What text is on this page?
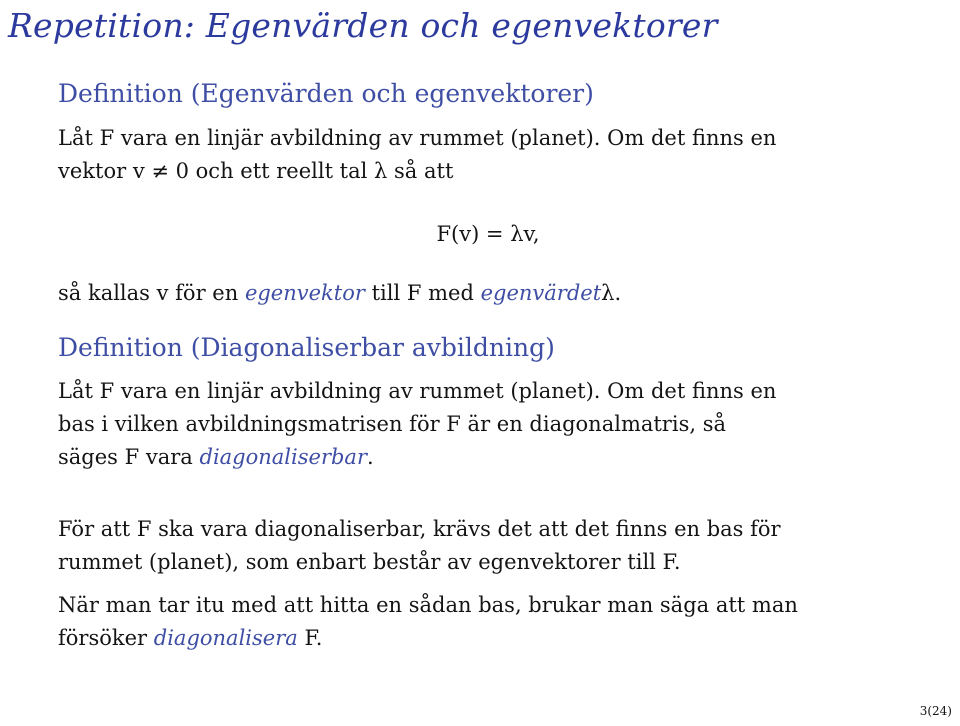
Repetition: Egenvärden och egenvektorer
Definition (Egenvärden och egenvektorer)

Låt F vara en linjär avbildning av rummet (planet). Om det finns en

vektor v ≠ 0 och ett reellt tal λ så att

F(v) = λv,

så kallas v för en egenvektor till F med egenvärdetλ.

Definition (Diagonaliserbar avbildning)

Låt F vara en linjär avbildning av rummet (planet). Om det finns en

bas i vilken avbildningsmatrisen för F är en diagonalmatris, så

säges F vara diagonaliserbar.

För att F ska vara diagonaliserbar, krävs det att det finns en bas för

rummet (planet), som enbart består av egenvektorer till F.

När man tar itu med att hitta en sådan bas, brukar man säga att man

försöker diagonalisera F.

3(24)
